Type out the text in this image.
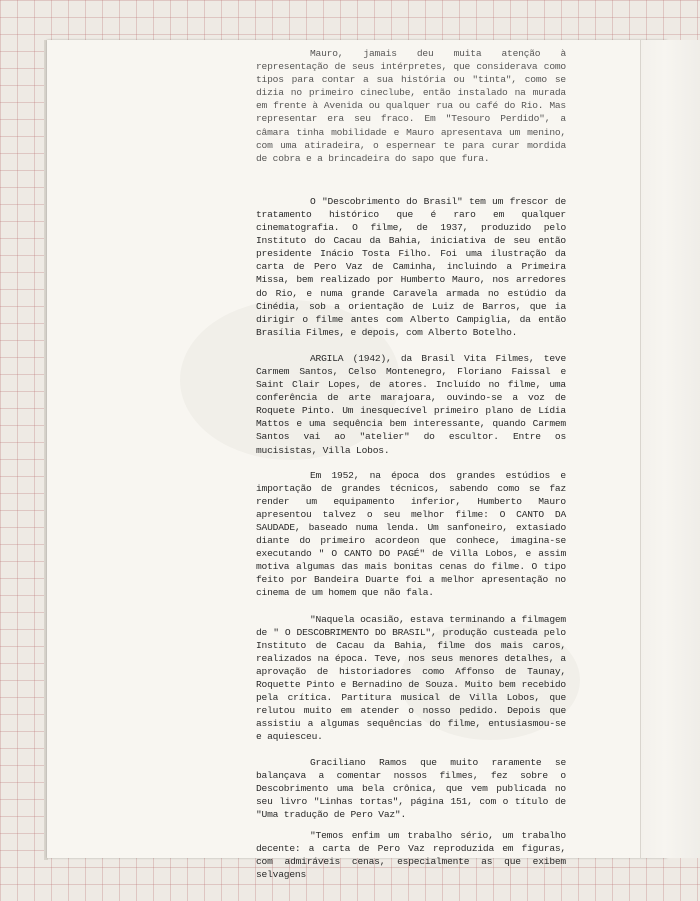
Mauro, jamais deu muita atenção à representação de seus intérpretes, que considerava como tipos para contar a sua história ou "tinta", como se dizia no primeiro cineclube, então instalado na murada em frente à Avenida ou qualquer rua ou café do Rio. Mas representar era seu fraco. Em "Tesouro Perdido", a câmara tinha mobilidade e Mauro apresentava um menino, com uma atiradeira, o espernear te para curar mordida de cobra e a brincadeira do sapo que fura.

O "Descobrimento do Brasil" tem um frescor de tratamento histórico que é raro em qualquer cinematografia. O filme, de 1937, produzido pelo Instituto do Cacau da Bahia, iniciativa de seu então presidente Inácio Tosta Filho. Foi uma ilustração da carta de Pero Vaz de Caminha, incluindo a Primeira Missa, bem realizado por Humberto Mauro, nos arredores do Rio, e numa grande Caravela armada no estúdio da Cinédia, sob a orientação de Luiz de Barros, que ia dirigir o filme antes com Alberto Campiglia, da então Brasília Filmes, e depois, com Alberto Botelho.

ARGILA (1942), da Brasil Vita Filmes, teve Carmem Santos, Celso Montenegro, Floriano Faissal e Saint Clair Lopes, de atores. Incluído no filme, uma conferência de arte marajoara, ouvindo-se a voz de Roquete Pinto. Um inesquecível primeiro plano de Lídia Mattos e uma sequência bem interessante, quando Carmem Santos vai ao "atelier" do escultor. Entre os mucisistas, Villa Lobos.

Em 1952, na época dos grandes estúdios e importação de grandes técnicos, sabendo como se faz render um equipamento inferior, Humberto Mauro apresentou talvez o seu melhor filme: O CANTO DA SAUDADE, baseado numa lenda. Um sanfoneiro, extasiado diante do primeiro acordeon que conhece, imagina-se executando " O CANTO DO PAGÉ" de Villa Lobos, e assim motiva algumas das mais bonitas cenas do filme. O tipo feito por Bandeira Duarte foi a melhor apresentação no cinema de um homem que não fala.

"Naquela ocasião, estava terminando a filmagem de " O DESCOBRIMENTO DO BRASIL", produção custeada pelo Instituto de Cacau da Bahia, filme dos mais caros, realizados na época. Teve, nos seus menores detalhes, a aprovação de historiadores como Affonso de Taunay, Roquette Pinto e Bernadino de Souza. Muito bem recebido pela crítica. Partitura musical de Villa Lobos, que relutou muito em atender o nosso pedido. Depois que assistiu a algumas sequências do filme, entusiasmou-se e aquiesceu.

Graciliano Ramos que muito raramente se balançava a comentar nossos filmes, fez sobre o Descobrimento uma bela crônica, que vem publicada no seu livro "Linhas tortas", página 151, com o título de "Uma tradução de Pero Vaz".

"Temos enfim um trabalho sério, um trabalho decente: a carta de Pero Vaz reproduzida em figuras, com admiráveis cenas, especialmente as que exibem selvagens
